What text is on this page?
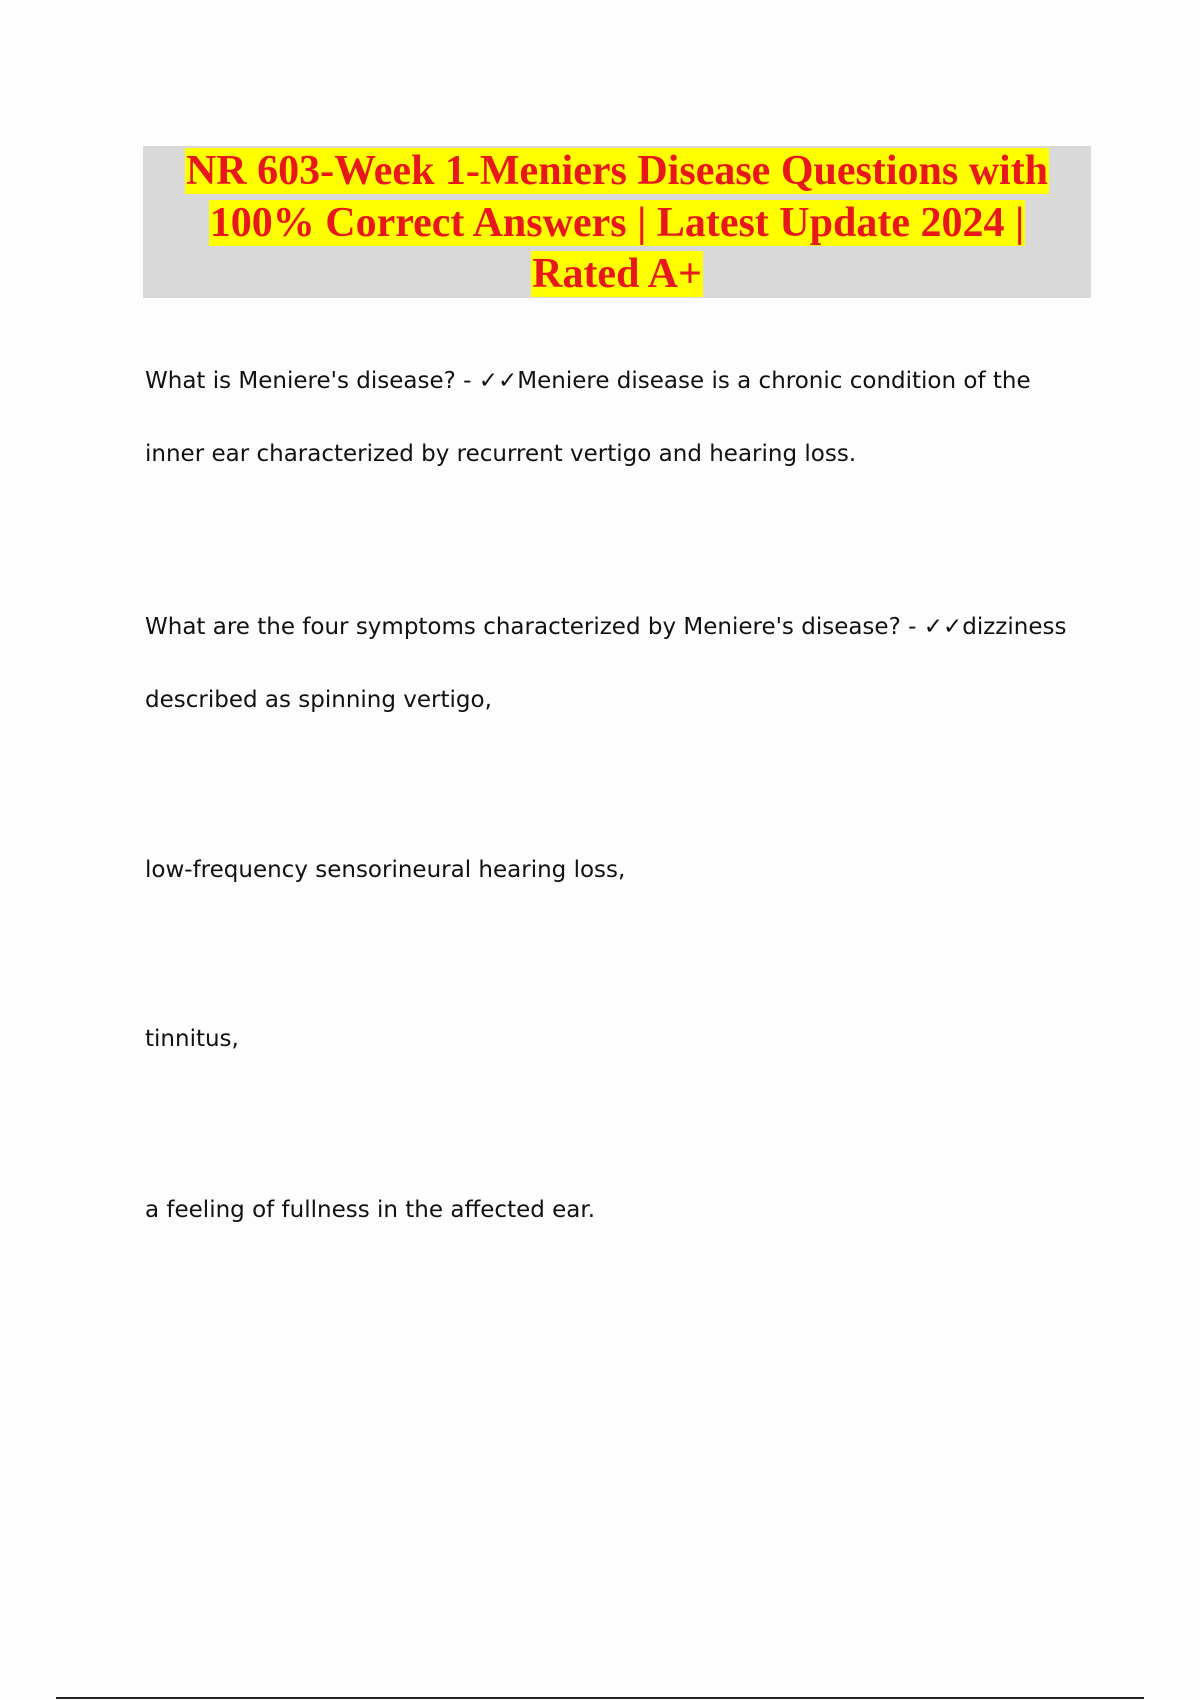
NR 603-Week 1-Meniers Disease Questions with
100% Correct Answers | Latest Update 2024 |
Rated A+

What is Meniere's disease? - ✓✓Meniere disease is a chronic condition of the

inner ear characterized by recurrent vertigo and hearing loss.

What are the four symptoms characterized by Meniere's disease? - ✓✓dizziness

described as spinning vertigo,

low-frequency sensorineural hearing loss,

tinnitus,

a feeling of fullness in the affected ear.
